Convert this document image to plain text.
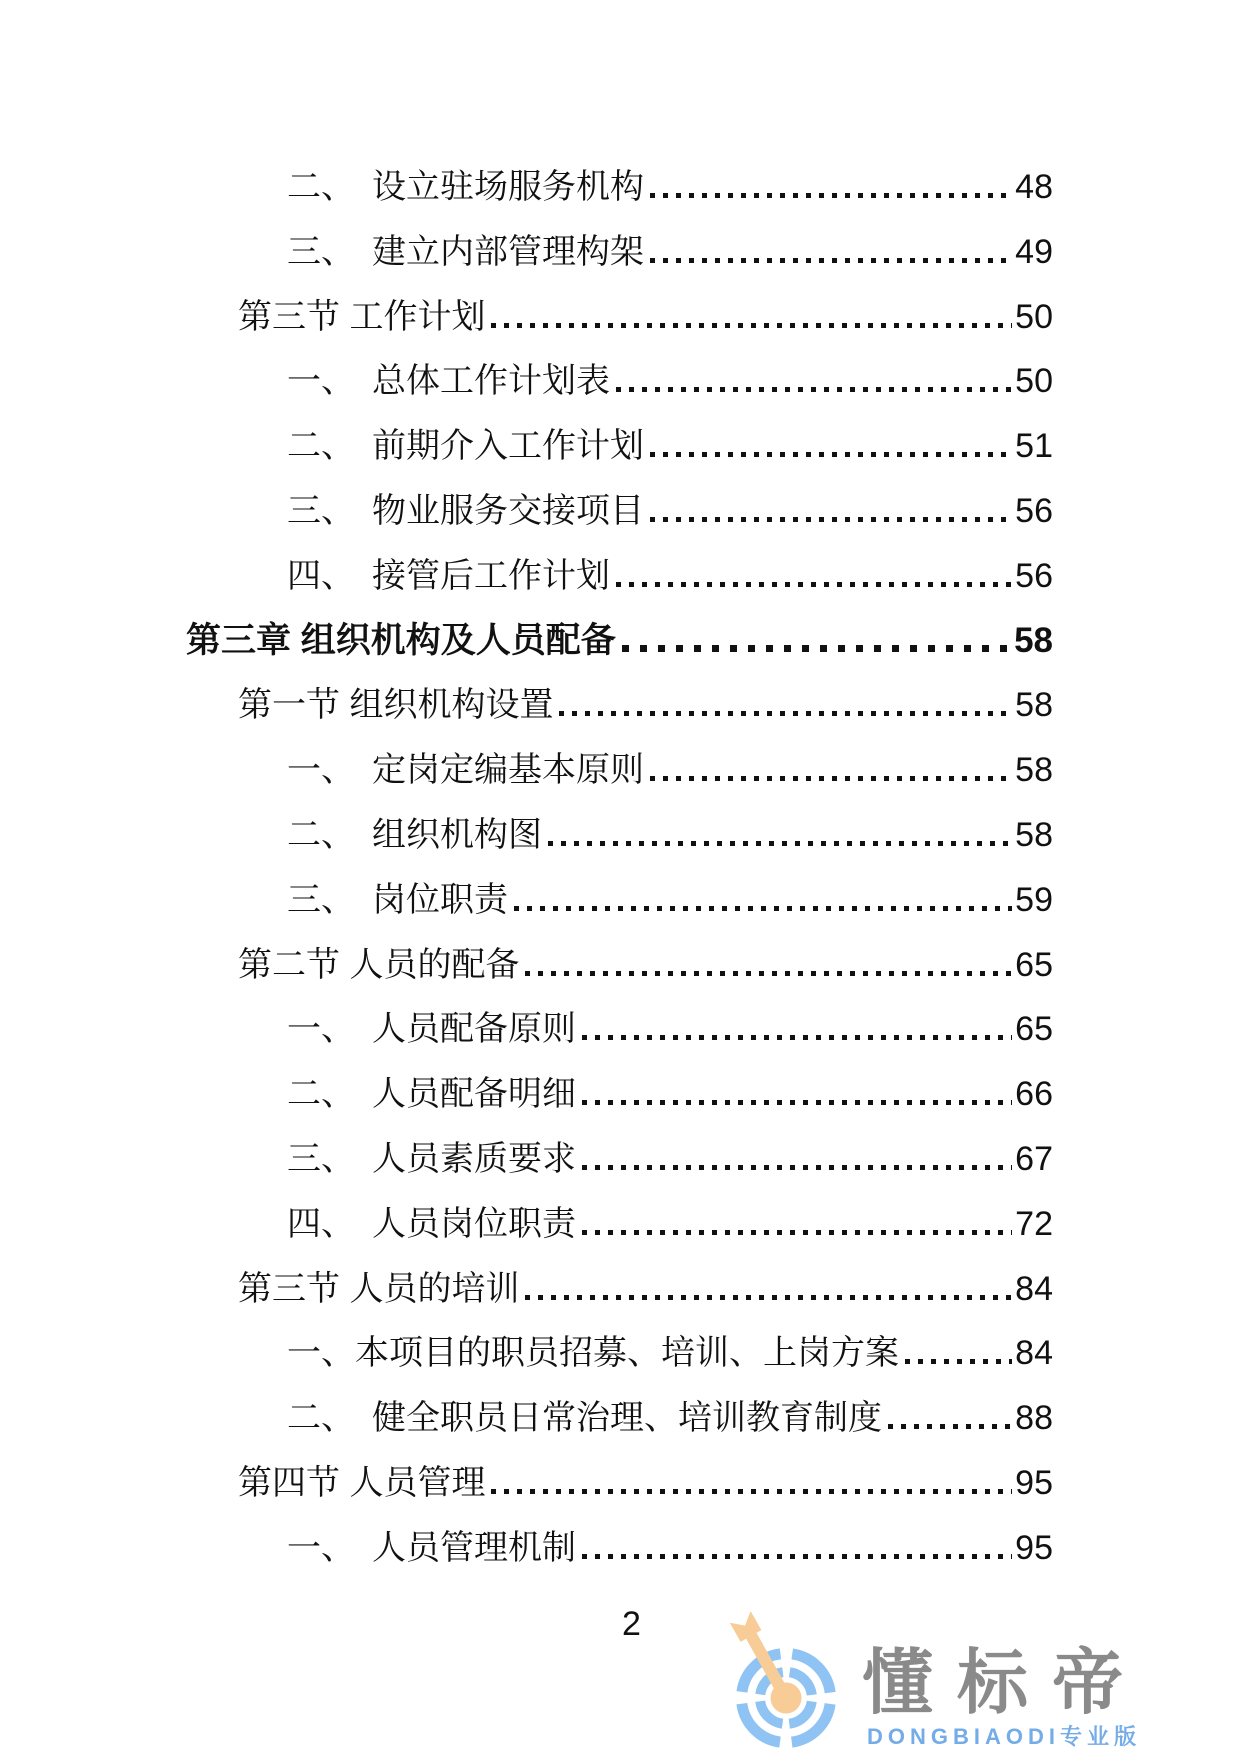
二、　设立驻场服务机构	48
三、　建立内部管理构架	49
第三节 工作计划	50
一、　总体工作计划表	50
二、　前期介入工作计划	51
三、　物业服务交接项目	56
四、　接管后工作计划	56
第三章 组织机构及人员配备	58
第一节 组织机构设置	58
一、　定岗定编基本原则	58
二、　组织机构图	58
三、　岗位职责	59
第二节 人员的配备	65
一、　人员配备原则	65
二、　人员配备明细	66
三、　人员素质要求	67
四、　人员岗位职责	72
第三节 人员的培训	84
一、本项目的职员招募、培训、上岗方案	84
二、　健全职员日常治理、培训教育制度	88
第四节 人员管理	95
一、　人员管理机制	95
2
懂标帝
DONGBIAODI专业版
